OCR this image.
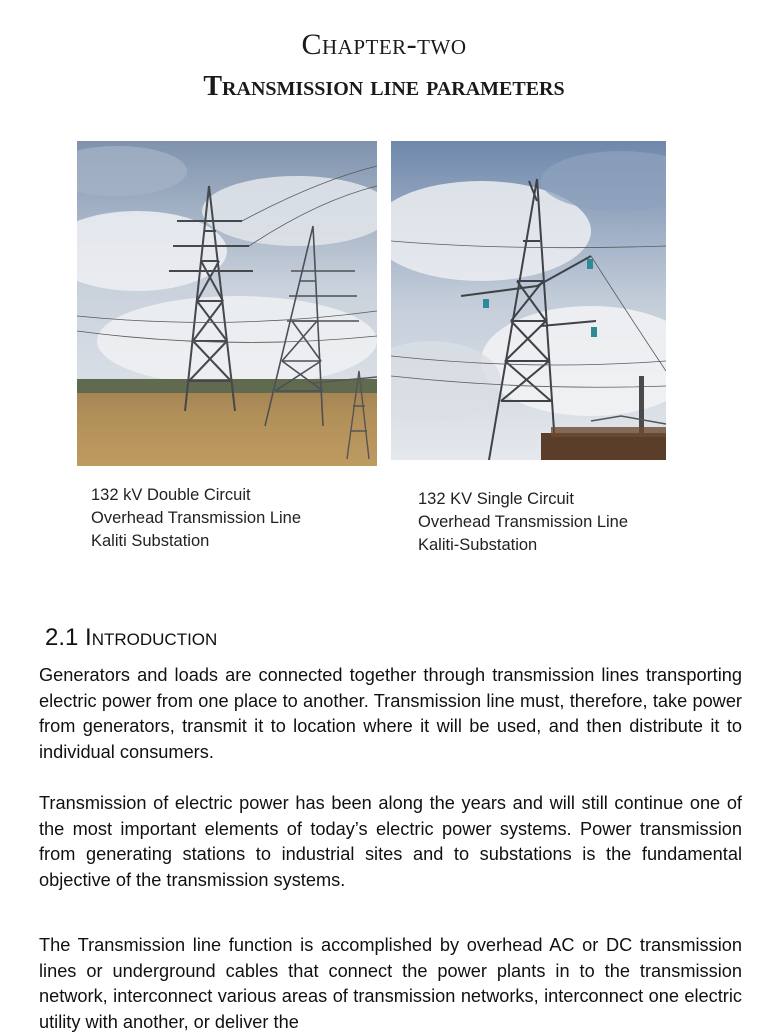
Chapter-two
Transmission line parameters
132 kV Double Circuit
Overhead Transmission Line
Kaliti Substation
132 KV Single Circuit
Overhead Transmission Line
Kaliti-Substation
2.1 Introduction

Generators and loads are connected together through transmission lines transporting electric power from one place to another. Transmission line must, therefore, take power from generators, transmit it to location where it will be used, and then distribute it to individual consumers.

Transmission of electric power has been along the years and will still continue one of the most important elements of today’s electric power systems. Power transmission from generating stations to industrial sites and to substations is the fundamental objective of the transmission systems.

The Transmission line function is accomplished by overhead AC or DC transmission lines or underground cables that connect the power plants in to the transmission network, interconnect various areas of transmission networks, interconnect one electric utility with another, or deliver the
